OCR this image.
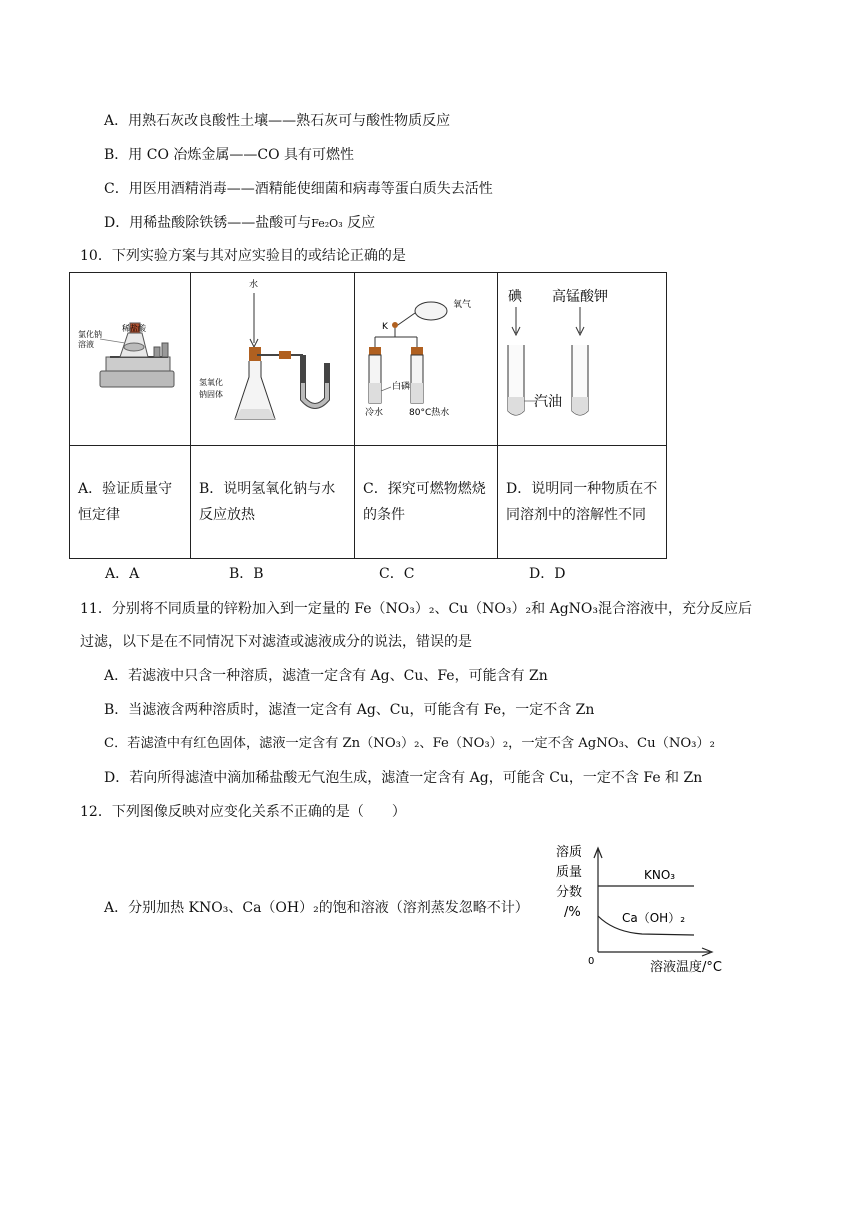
A．用熟石灰改良酸性土壤——熟石灰可与酸性物质反应
B．用 CO 冶炼金属——CO 具有可燃性
C．用医用酒精消毒——酒精能使细菌和病毒等蛋白质失去活性
D．用稀盐酸除铁锈——盐酸可与Fe₂O₃ 反应
10．下列实验方案与其对应实验目的或结论正确的是
氯化钠
溶液
稀盐酸	水
氢氧化
钠固体	氧气
K
白磷
冷水 80°C热水	碘 高锰酸钾
汽油

A．验证质量守恒定律	B．说明氢氧化钠与水反应放热	C．探究可燃物燃烧的条件	D．说明同一种物质在不同溶剂中的溶解性不同
A．A	B．B	C．C	D．D
11．分别将不同质量的锌粉加入到一定量的 Fe（NO₃）₂、Cu（NO₃）₂和 AgNO₃混合溶液中，充分反应后
过滤，以下是在不同情况下对滤渣或滤液成分的说法，错误的是
A．若滤液中只含一种溶质，滤渣一定含有 Ag、Cu、Fe，可能含有 Zn
B．当滤液含两种溶质时，滤渣一定含有 Ag、Cu，可能含有 Fe，一定不含 Zn
C．若滤渣中有红色固体，滤液一定含有 Zn（NO₃）₂、Fe（NO₃）₂，一定不含 AgNO₃、Cu（NO₃）₂
D．若向所得滤渣中滴加稀盐酸无气泡生成，滤渣一定含有 Ag，可能含 Cu，一定不含 Fe 和 Zn
12．下列图像反映对应变化关系不正确的是（　　）
A．分别加热 KNO₃、Ca（OH）₂的饱和溶液（溶剂蒸发忽略不计）
溶质
质量
分数
/%
0	溶液温度/°C
KNO₃
Ca（OH）₂
